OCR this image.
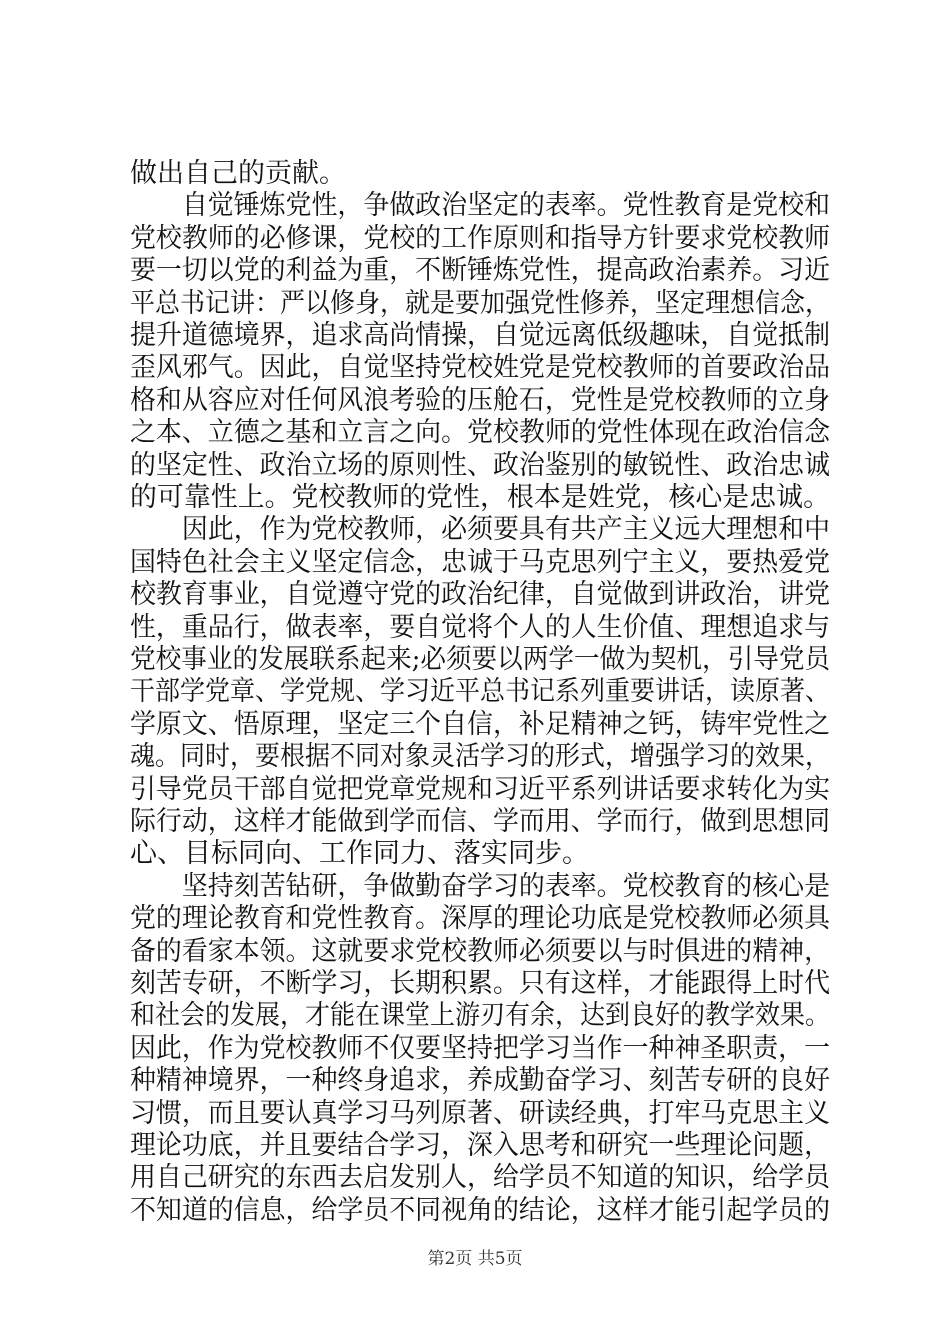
做出自己的贡献。
　　自觉锤炼党性，争做政治坚定的表率。党性教育是党校和
党校教师的必修课，党校的工作原则和指导方针要求党校教师
要一切以党的利益为重，不断锤炼党性，提高政治素养。习近
平总书记讲：严以修身，就是要加强党性修养，坚定理想信念，
提升道德境界，追求高尚情操，自觉远离低级趣味，自觉抵制
歪风邪气。因此，自觉坚持党校姓党是党校教师的首要政治品
格和从容应对任何风浪考验的压舱石，党性是党校教师的立身
之本、立德之基和立言之向。党校教师的党性体现在政治信念
的坚定性、政治立场的原则性、政治鉴别的敏锐性、政治忠诚
的可靠性上。党校教师的党性，根本是姓党，核心是忠诚。
　　因此，作为党校教师，必须要具有共产主义远大理想和中
国特色社会主义坚定信念，忠诚于马克思列宁主义，要热爱党
校教育事业，自觉遵守党的政治纪律，自觉做到讲政治，讲党
性，重品行，做表率，要自觉将个人的人生价值、理想追求与
党校事业的发展联系起来;必须要以两学一做为契机，引导党员
干部学党章、学党规、学习近平总书记系列重要讲话，读原著、
学原文、悟原理，坚定三个自信，补足精神之钙，铸牢党性之
魂。同时，要根据不同对象灵活学习的形式，增强学习的效果，
引导党员干部自觉把党章党规和习近平系列讲话要求转化为实
际行动，这样才能做到学而信、学而用、学而行，做到思想同
心、目标同向、工作同力、落实同步。
　　坚持刻苦钻研，争做勤奋学习的表率。党校教育的核心是
党的理论教育和党性教育。深厚的理论功底是党校教师必须具
备的看家本领。这就要求党校教师必须要以与时俱进的精神，
刻苦专研，不断学习，长期积累。只有这样，才能跟得上时代
和社会的发展，才能在课堂上游刃有余，达到良好的教学效果。
因此，作为党校教师不仅要坚持把学习当作一种神圣职责，一
种精神境界，一种终身追求，养成勤奋学习、刻苦专研的良好
习惯，而且要认真学习马列原著、研读经典，打牢马克思主义
理论功底，并且要结合学习，深入思考和研究一些理论问题，
用自己研究的东西去启发别人，给学员不知道的知识，给学员
不知道的信息，给学员不同视角的结论，这样才能引起学员的
第2页 共5页
